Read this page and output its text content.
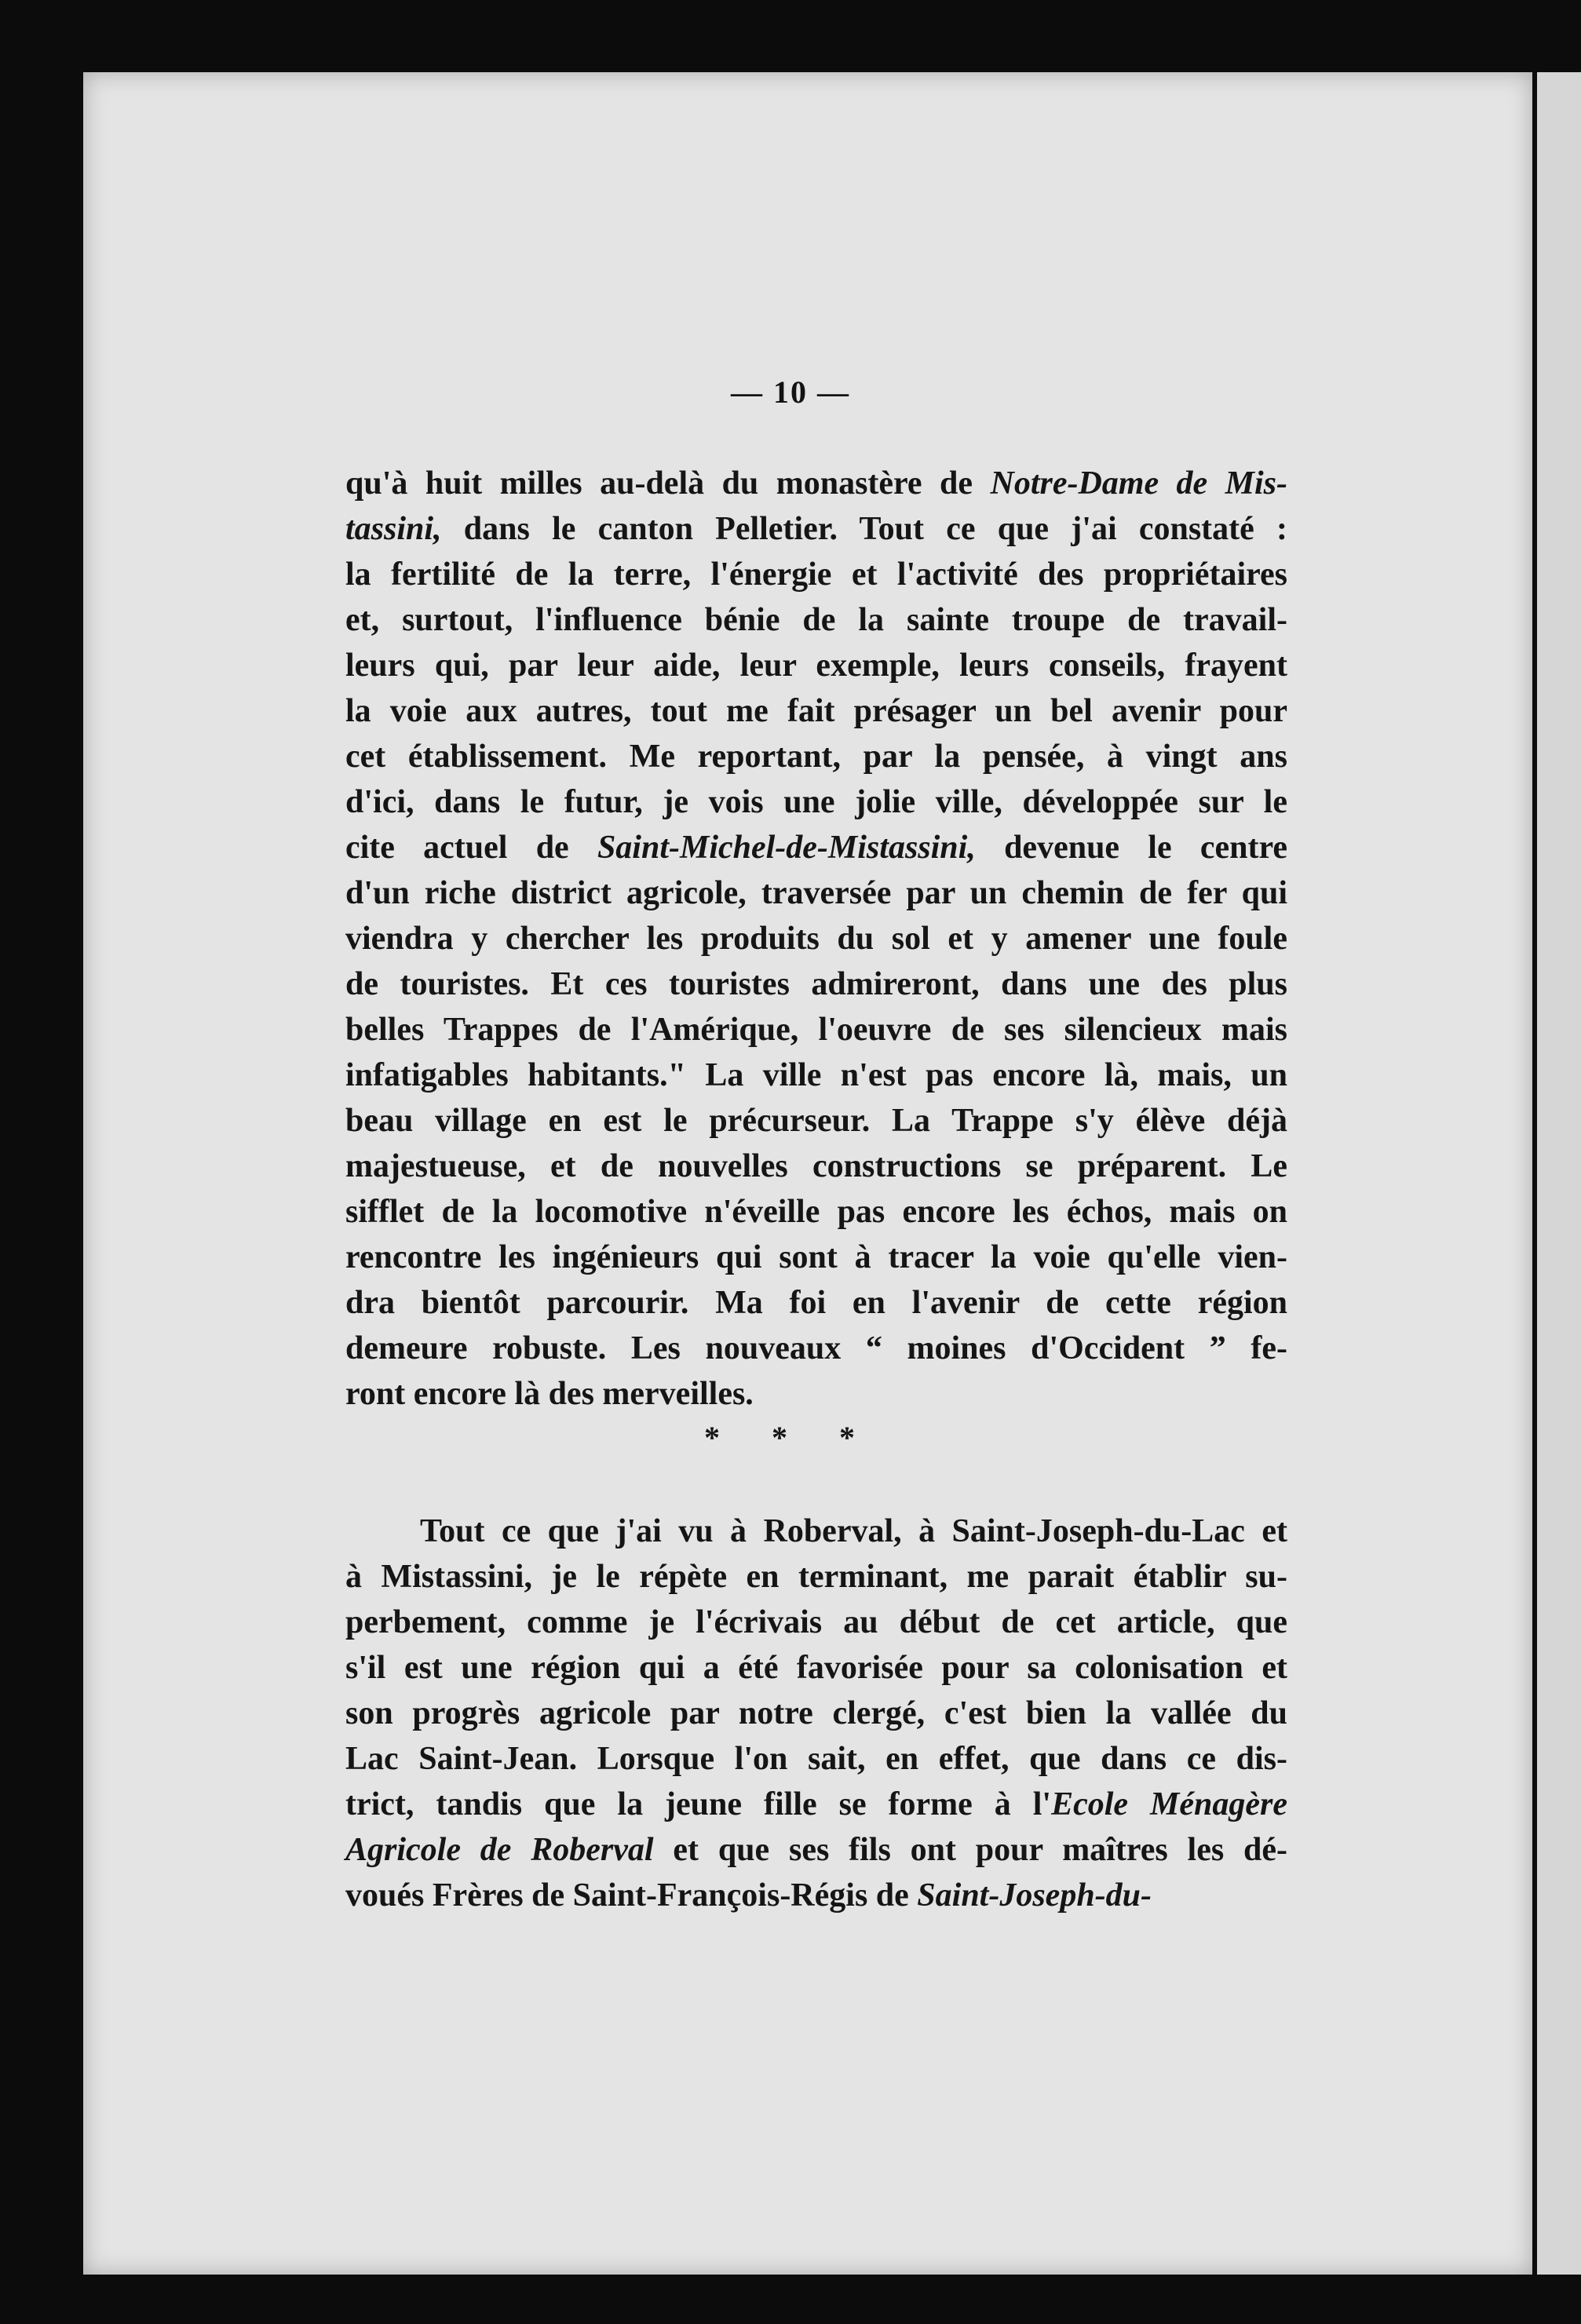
— 10 —
qu'à huit milles au-delà du monastère de Notre-Dame de Mis-
tassini, dans le canton Pelletier. Tout ce que j'ai constaté :
la fertilité de la terre, l'énergie et l'activité des propriétaires
et, surtout, l'influence bénie de la sainte troupe de travail-
leurs qui, par leur aide, leur exemple, leurs conseils, frayent
la voie aux autres, tout me fait présager un bel avenir pour
cet établissement. Me reportant, par la pensée, à vingt ans
d'ici, dans le futur, je vois une jolie ville, développée sur le
cite actuel de Saint-Michel-de-Mistassini, devenue le centre
d'un riche district agricole, traversée par un chemin de fer qui
viendra y chercher les produits du sol et y amener une foule
de touristes. Et ces touristes admireront, dans une des plus
belles Trappes de l'Amérique, l'oeuvre de ses silencieux mais
infatigables habitants." La ville n'est pas encore là, mais, un
beau village en est le précurseur. La Trappe s'y élève déjà
majestueuse, et de nouvelles constructions se préparent. Le
sifflet de la locomotive n'éveille pas encore les échos, mais on
rencontre les ingénieurs qui sont à tracer la voie qu'elle vien-
dra bientôt parcourir. Ma foi en l'avenir de cette région
demeure robuste. Les nouveaux “ moines d'Occident ” fe-
ront encore là des merveilles.
* * *
Tout ce que j'ai vu à Roberval, à Saint-Joseph-du-Lac et
à Mistassini, je le répète en terminant, me parait établir su-
perbement, comme je l'écrivais au début de cet article, que
s'il est une région qui a été favorisée pour sa colonisation et
son progrès agricole par notre clergé, c'est bien la vallée du
Lac Saint-Jean. Lorsque l'on sait, en effet, que dans ce dis-
trict, tandis que la jeune fille se forme à l'Ecole Ménagère
Agricole de Roberval et que ses fils ont pour maîtres les dé-
voués Frères de Saint-François-Régis de Saint-Joseph-du-
